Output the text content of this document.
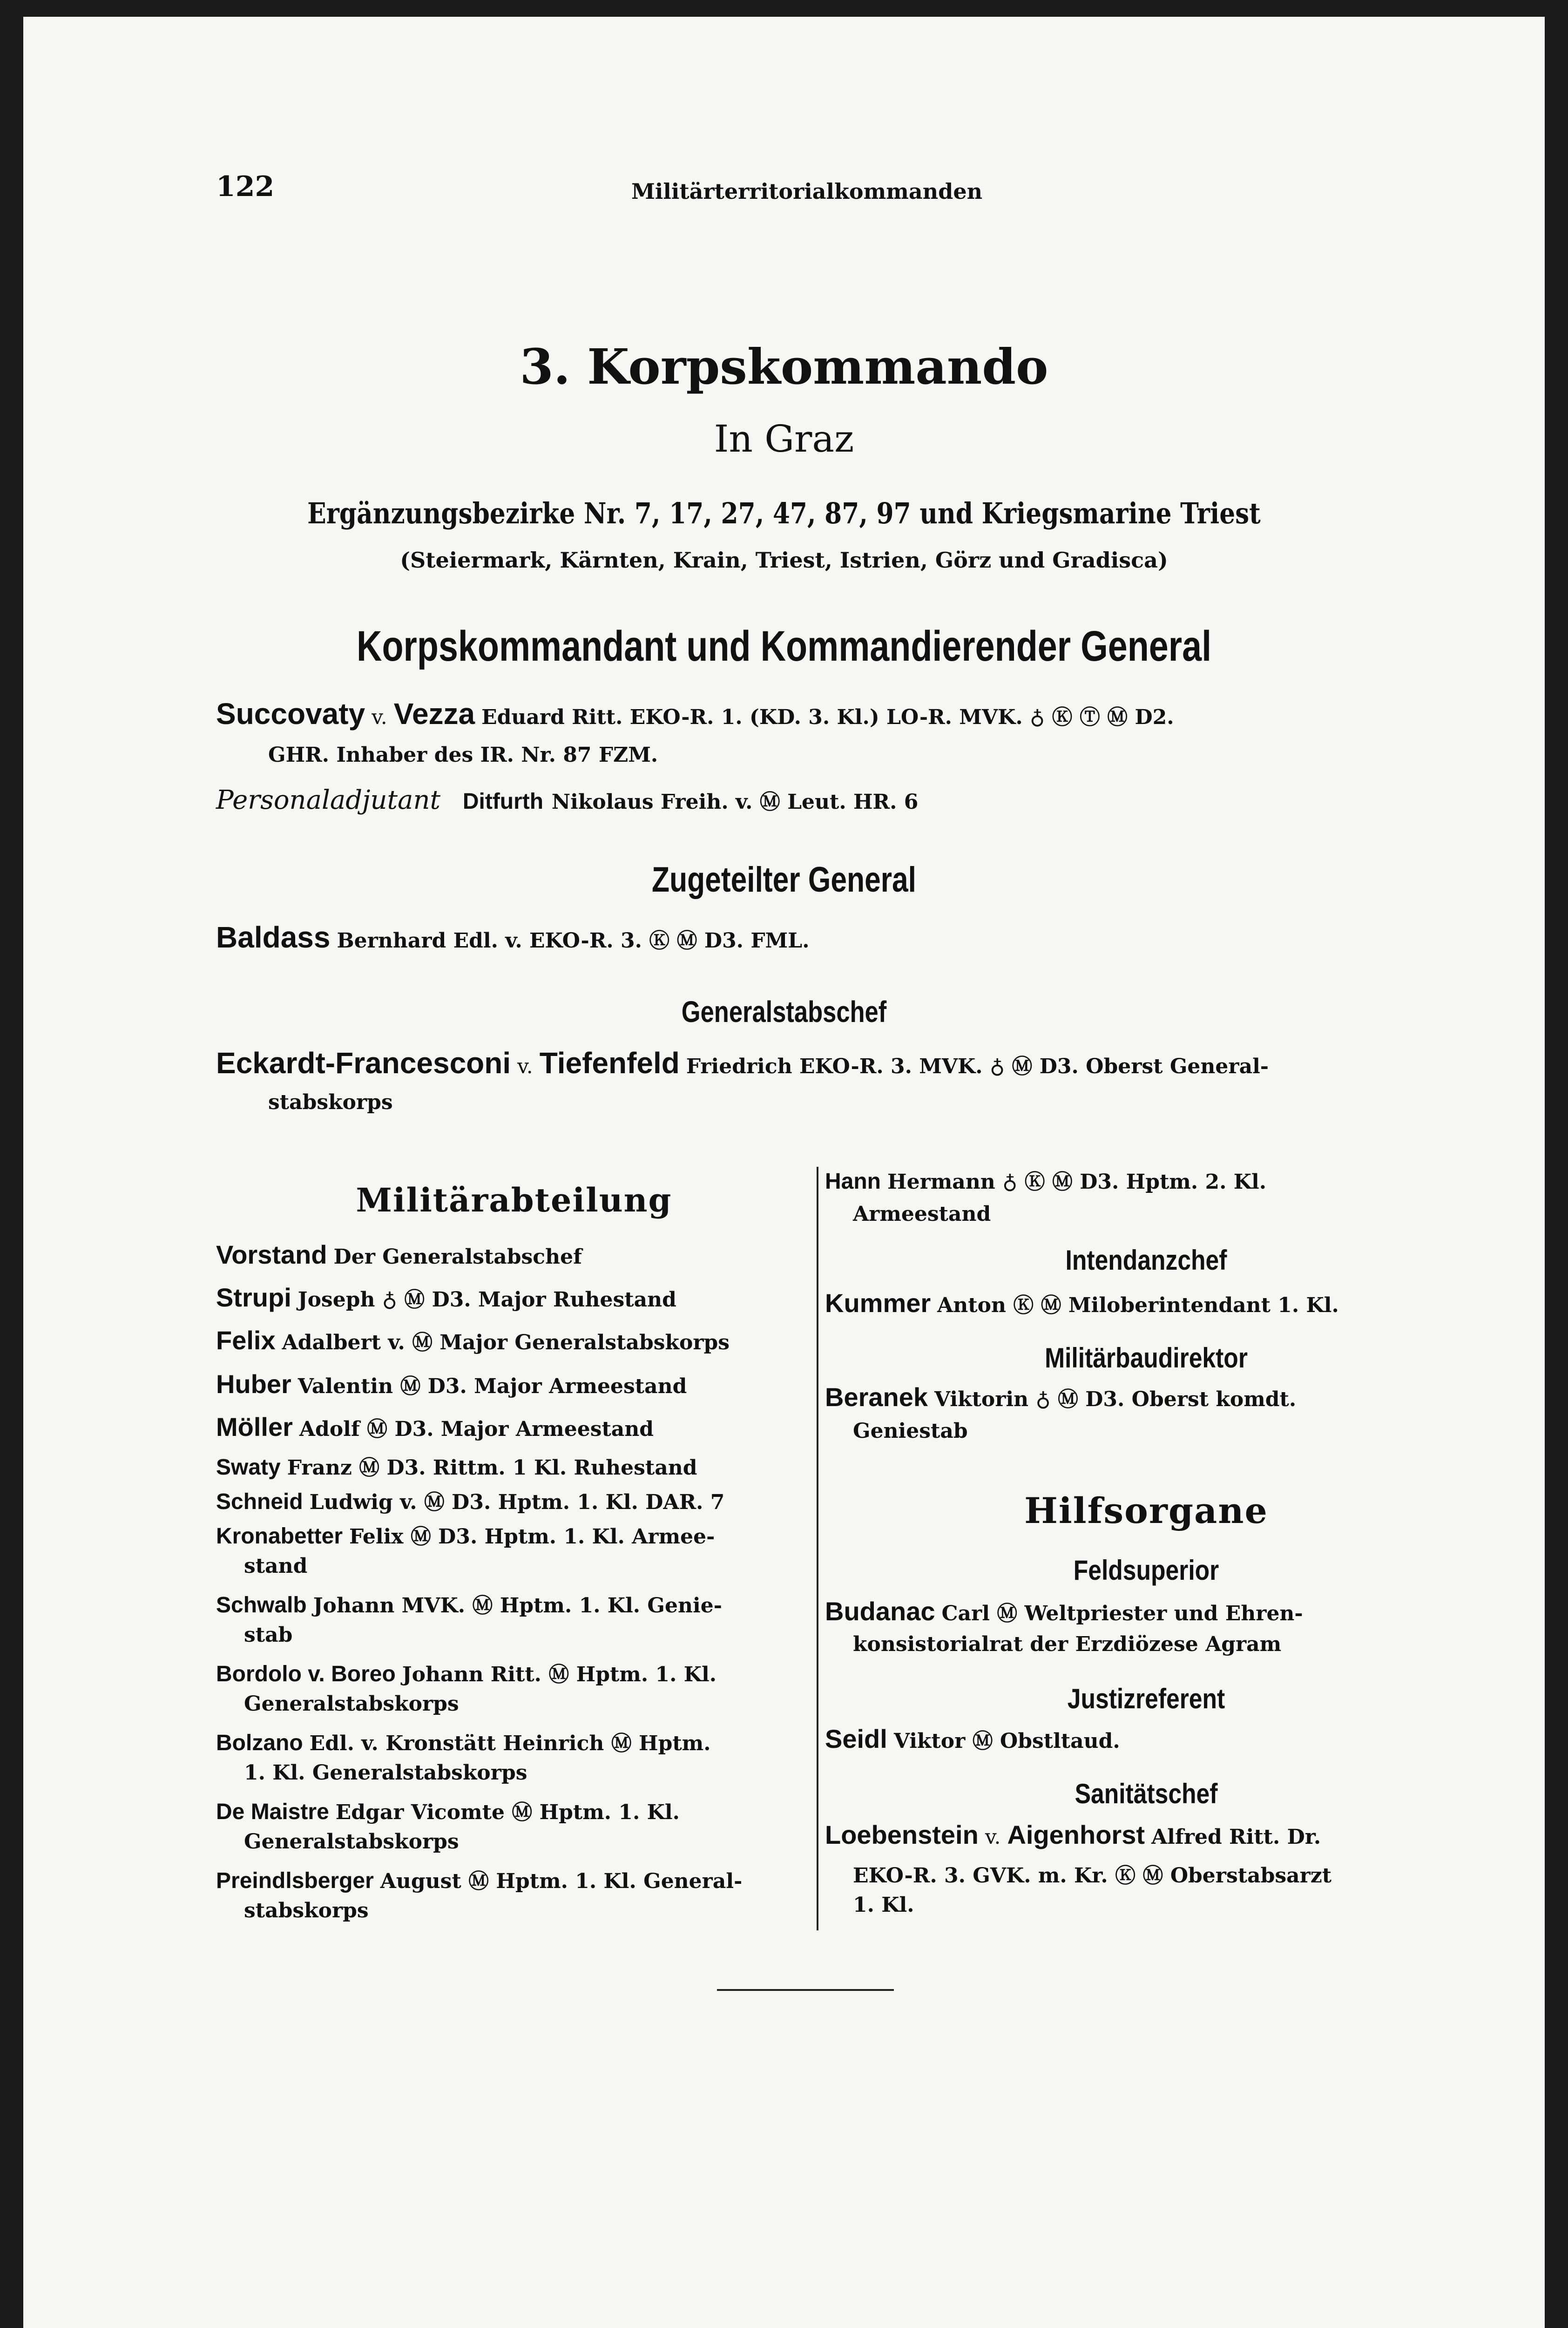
122	Militärterritorialkommanden
3. Korpskommando
In Graz
Ergänzungsbezirke Nr. 7, 17, 27, 47, 87, 97 und Kriegsmarine Triest
(Steiermark, Kärnten, Krain, Triest, Istrien, Görz und Gradisca)
Korpskommandant und Kommandierender General
Succovaty v. Vezza Eduard Ritt. EKO-R. 1. (KD. 3. Kl.) LO-R. MVK. ♁ Ⓚ Ⓣ Ⓜ D2.
GHR. Inhaber des IR. Nr. 87 FZM.
Personaladjutant Ditfurth Nikolaus Freih. v. Ⓜ Leut. HR. 6
Zugeteilter General
Baldass Bernhard Edl. v. EKO-R. 3. Ⓚ Ⓜ D3. FML.
Generalstabschef
Eckardt-Francesconi v. Tiefenfeld Friedrich EKO-R. 3. MVK. ♁ Ⓜ D3. Oberst General-
stabskorps
Militärabteilung
Vorstand Der Generalstabschef
Strupi Joseph ♁ Ⓜ D3. Major Ruhestand
Felix Adalbert v. Ⓜ Major Generalstabskorps
Huber Valentin Ⓜ D3. Major Armeestand
Möller Adolf Ⓜ D3. Major Armeestand
Swaty Franz Ⓜ D3. Rittm. 1 Kl. Ruhestand
Schneid Ludwig v. Ⓜ D3. Hptm. 1. Kl. DAR. 7
Kronabetter Felix Ⓜ D3. Hptm. 1. Kl. Armee-
stand
Schwalb Johann MVK. Ⓜ Hptm. 1. Kl. Genie-
stab
Bordolo v. Boreo Johann Ritt. Ⓜ Hptm. 1. Kl.
Generalstabskorps
Bolzano Edl. v. Kronstätt Heinrich Ⓜ Hptm.
1. Kl. Generalstabskorps
De Maistre Edgar Vicomte Ⓜ Hptm. 1. Kl.
Generalstabskorps
Preindlsberger August Ⓜ Hptm. 1. Kl. General-
stabskorps
Hann Hermann ♁ Ⓚ Ⓜ D3. Hptm. 2. Kl.
Armeestand
Intendanzchef
Kummer Anton Ⓚ Ⓜ Miloberintendant 1. Kl.
Militärbaudirektor
Beranek Viktorin ♁ Ⓜ D3. Oberst komdt.
Geniestab
Hilfsorgane
Feldsuperior
Budanac Carl Ⓜ Weltpriester und Ehren-
konsistorialrat der Erzdiözese Agram
Justizreferent
Seidl Viktor Ⓜ Obstltaud.
Sanitätschef
Loebenstein v. Aigenhorst Alfred Ritt. Dr.
EKO-R. 3. GVK. m. Kr. Ⓚ Ⓜ Oberstabsarzt
1. Kl.
